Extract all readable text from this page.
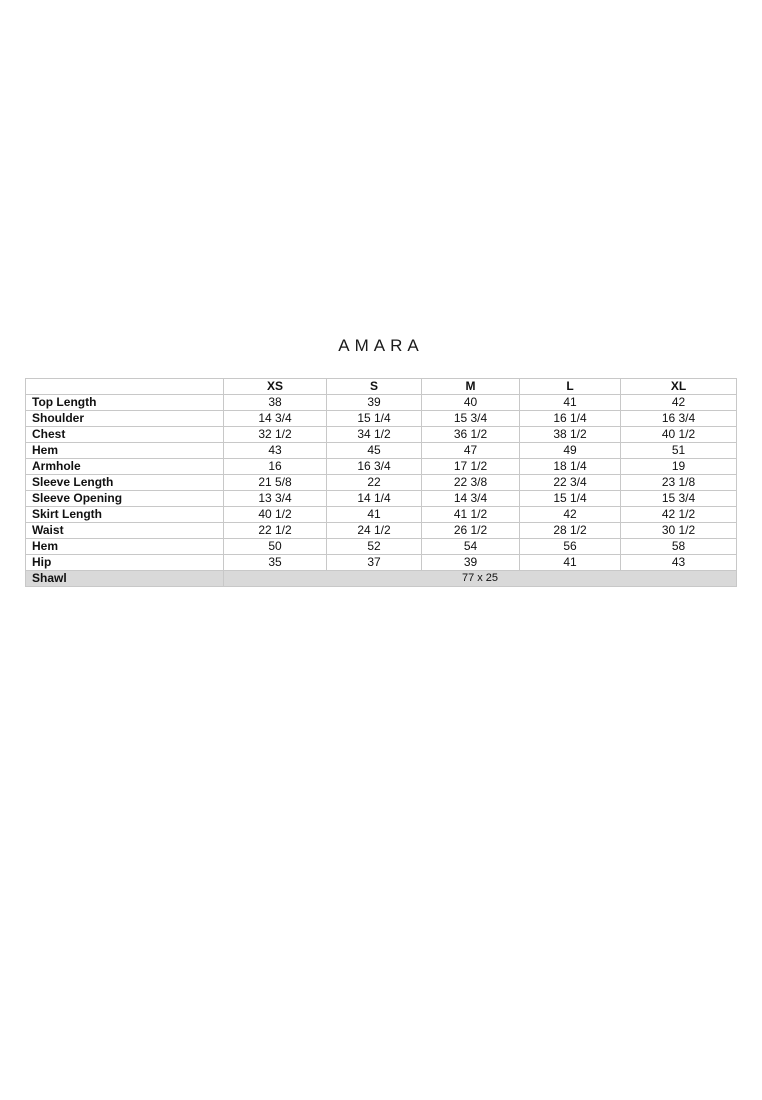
AMARA
	XS	S	M	L	XL
Top Length	38	39	40	41	42
Shoulder	14 3/4	15 1/4	15 3/4	16 1/4	16 3/4
Chest	32 1/2	34 1/2	36 1/2	38 1/2	40 1/2
Hem	43	45	47	49	51
Armhole	16	16 3/4	17 1/2	18 1/4	19
Sleeve Length	21 5/8	22	22 3/8	22 3/4	23 1/8
Sleeve Opening	13 3/4	14 1/4	14 3/4	15 1/4	15 3/4
Skirt Length	40 1/2	41	41 1/2	42	42 1/2
Waist	22 1/2	24 1/2	26 1/2	28 1/2	30 1/2
Hem	50	52	54	56	58
Hip	35	37	39	41	43
Shawl	77 x 25				
